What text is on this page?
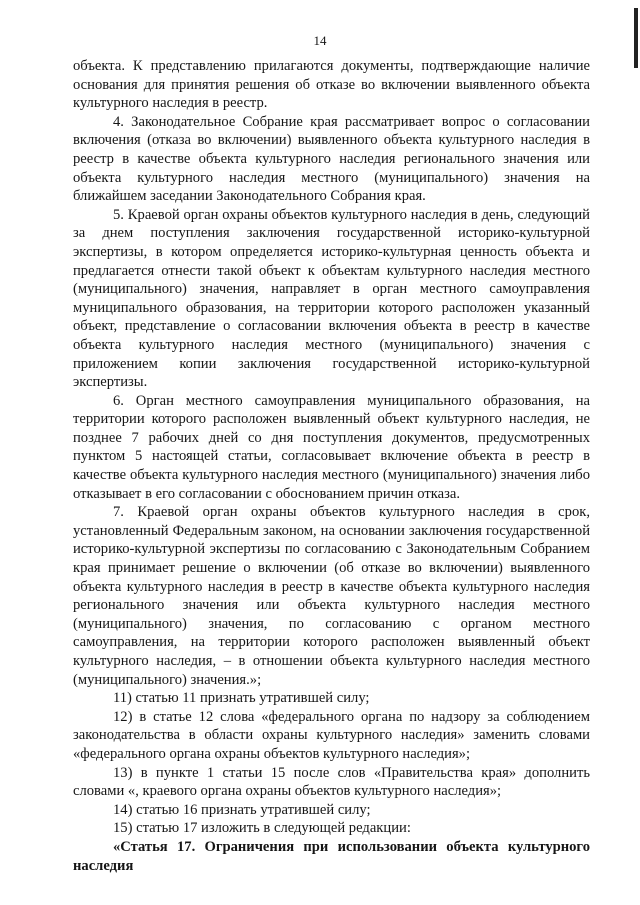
14

объекта. К представлению прилагаются документы, подтверждающие наличие основания для принятия решения об отказе во включении выявленного объекта культурного наследия в реестр.

4. Законодательное Собрание края рассматривает вопрос о согласовании включения (отказа во включении) выявленного объекта культурного наследия в реестр в качестве объекта культурного наследия регионального значения или объекта культурного наследия местного (муниципального) значения на ближайшем заседании Законодательного Собрания края.

5. Краевой орган охраны объектов культурного наследия в день, следующий за днем поступления заключения государственной историко-культурной экспертизы, в котором определяется историко-культурная ценность объекта и предлагается отнести такой объект к объектам культурного наследия местного (муниципального) значения, направляет в орган местного самоуправления муниципального образования, на территории которого расположен указанный объект, представление о согласовании включения объекта в реестр в качестве объекта культурного наследия местного (муниципального) значения с приложением копии заключения государственной историко-культурной экспертизы.

6. Орган местного самоуправления муниципального образования, на территории которого расположен выявленный объект культурного наследия, не позднее 7 рабочих дней со дня поступления документов, предусмотренных пунктом 5 настоящей статьи, согласовывает включение объекта в реестр в качестве объекта культурного наследия местного (муниципального) значения либо отказывает в его согласовании с обоснованием причин отказа.

7. Краевой орган охраны объектов культурного наследия в срок, установленный Федеральным законом, на основании заключения государственной историко-культурной экспертизы по согласованию с Законодательным Собранием края принимает решение о включении (об отказе во включении) выявленного объекта культурного наследия в реестр в качестве объекта культурного наследия регионального значения или объекта культурного наследия местного (муниципального) значения, по согласованию с органом местного самоуправления, на территории которого расположен выявленный объект культурного наследия, – в отношении объекта культурного наследия местного (муниципального) значения.»;

11) статью 11 признать утратившей силу;

12) в статье 12 слова «федерального органа по надзору за соблюдением законодательства в области охраны культурного наследия» заменить словами «федерального органа охраны объектов культурного наследия»;

13) в пункте 1 статьи 15 после слов «Правительства края» дополнить словами «, краевого органа охраны объектов культурного наследия»;

14) статью 16 признать утратившей силу;

15) статью 17 изложить в следующей редакции:

«Статья 17. Ограничения при использовании объекта культурного наследия
